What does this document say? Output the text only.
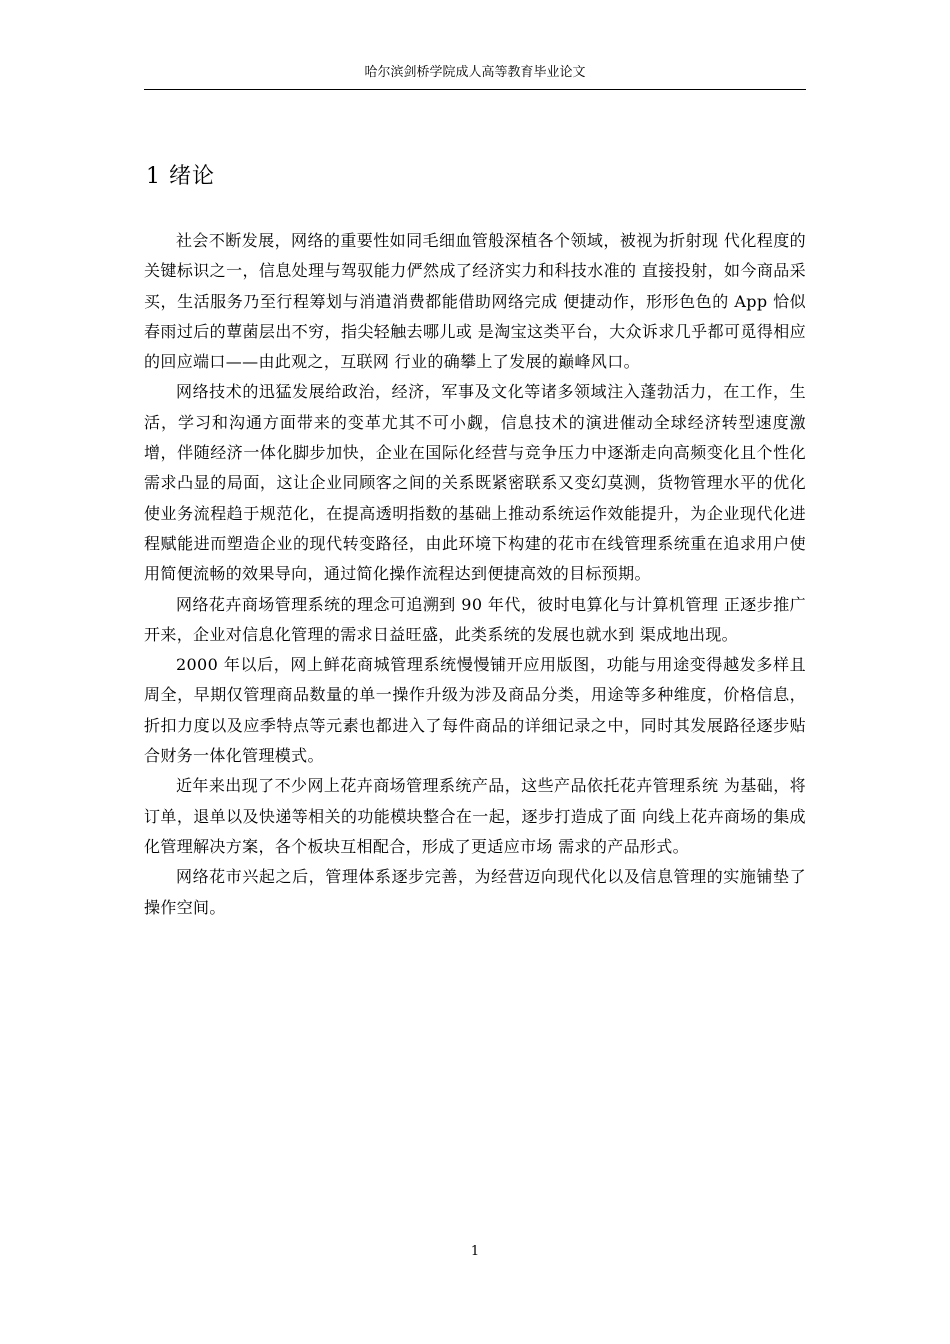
哈尔滨剑桥学院成人高等教育毕业论文
1 绪论

社会不断发展，网络的重要性如同毛细血管般深植各个领域，被视为折射现 代化程度的关键标识之一，信息处理与驾驭能力俨然成了经济实力和科技水准的 直接投射，如今商品采买，生活服务乃至行程筹划与消遣消费都能借助网络完成 便捷动作，形形色色的 App 恰似春雨过后的蕈菌层出不穷，指尖轻触去哪儿或 是淘宝这类平台，大众诉求几乎都可觅得相应的回应端口——由此观之，互联网 行业的确攀上了发展的巅峰风口。

网络技术的迅猛发展给政治，经济，军事及文化等诸多领域注入蓬勃活力，在工作，生活，学习和沟通方面带来的变革尤其不可小觑，信息技术的演进催动全球经济转型速度激增，伴随经济一体化脚步加快，企业在国际化经营与竞争压力中逐渐走向高频变化且个性化需求凸显的局面，这让企业同顾客之间的关系既紧密联系又变幻莫测，货物管理水平的优化使业务流程趋于规范化，在提高透明指数的基础上推动系统运作效能提升，为企业现代化进程赋能进而塑造企业的现代转变路径，由此环境下构建的花市在线管理系统重在追求用户使用简便流畅的效果导向，通过简化操作流程达到便捷高效的目标预期。

网络花卉商场管理系统的理念可追溯到 90 年代，彼时电算化与计算机管理 正逐步推广开来，企业对信息化管理的需求日益旺盛，此类系统的发展也就水到 渠成地出现。

2000 年以后，网上鲜花商城管理系统慢慢铺开应用版图，功能与用途变得越发多样且周全，早期仅管理商品数量的单一操作升级为涉及商品分类，用途等多种维度，价格信息，折扣力度以及应季特点等元素也都进入了每件商品的详细记录之中，同时其发展路径逐步贴合财务一体化管理模式。

近年来出现了不少网上花卉商场管理系统产品，这些产品依托花卉管理系统 为基础，将订单，退单以及快递等相关的功能模块整合在一起，逐步打造成了面 向线上花卉商场的集成化管理解决方案，各个板块互相配合，形成了更适应市场 需求的产品形式。

网络花市兴起之后，管理体系逐步完善，为经营迈向现代化以及信息管理的实施铺垫了操作空间。

1
